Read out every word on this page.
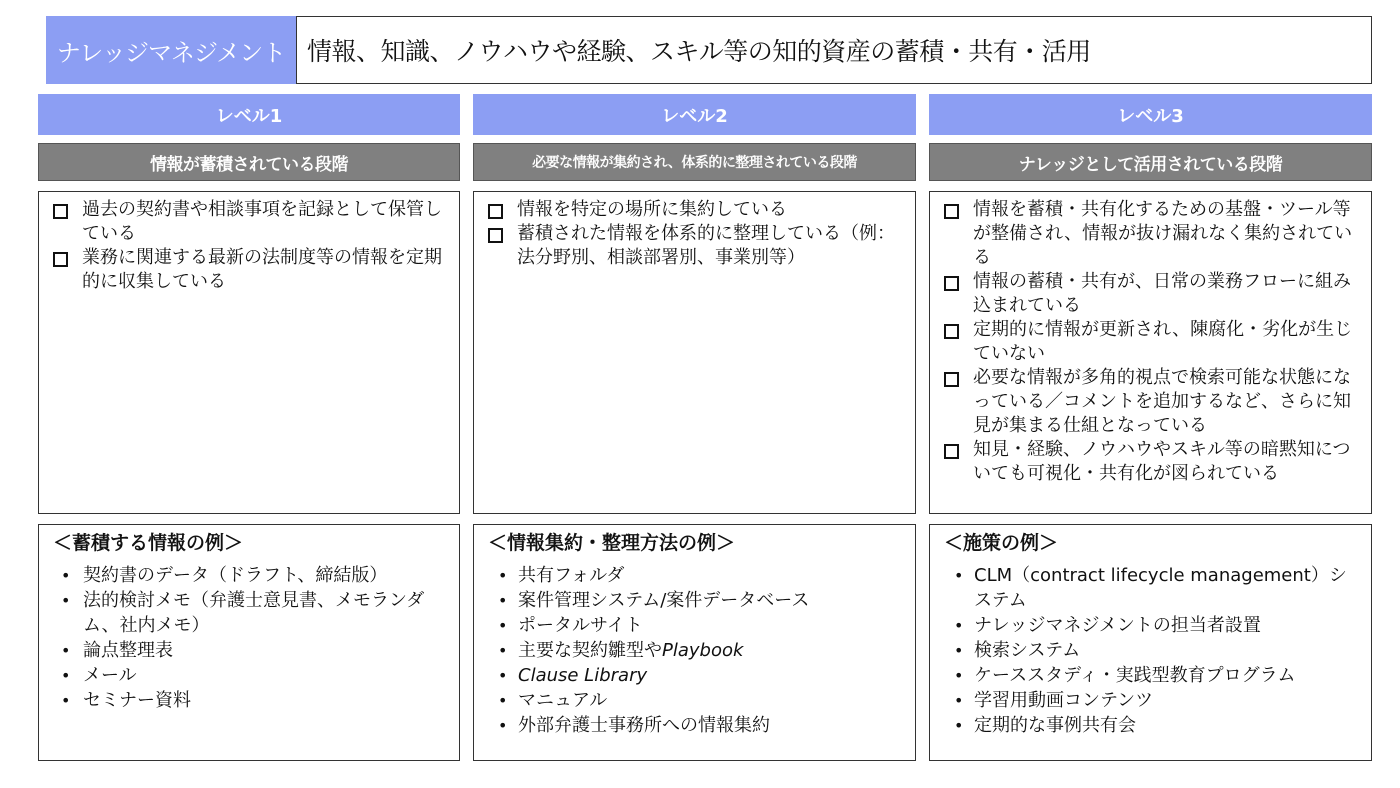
ナレッジマネジメント 情報、知識、ノウハウや経験、スキル等の知的資産の蓄積・共有・活用
レベル1
情報が蓄積されている段階
過去の契約書や相談事項を記録として保管している
業務に関連する最新の法制度等の情報を定期的に収集している
＜蓄積する情報の例＞
• 契約書のデータ（ドラフト、締結版）
• 法的検討メモ（弁護士意見書、メモランダム、社内メモ）
• 論点整理表
• メール
• セミナー資料
レベル2
必要な情報が集約され、体系的に整理されている段階
情報を特定の場所に集約している
蓄積された情報を体系的に整理している（例：法分野別、相談部署別、事業別等）
＜情報集約・整理方法の例＞
• 共有フォルダ
• 案件管理システム/案件データベース
• ポータルサイト
• 主要な契約雛型やPlaybook
• Clause Library
• マニュアル
• 外部弁護士事務所への情報集約
レベル3
ナレッジとして活用されている段階
情報を蓄積・共有化するための基盤・ツール等が整備され、情報が抜け漏れなく集約されている
情報の蓄積・共有が、日常の業務フローに組み込まれている
定期的に情報が更新され、陳腐化・劣化が生じていない
必要な情報が多角的視点で検索可能な状態になっている／コメントを追加するなど、さらに知見が集まる仕組となっている
知見・経験、ノウハウやスキル等の暗黙知についても可視化・共有化が図られている
＜施策の例＞
• CLM（contract lifecycle management）システム
• ナレッジマネジメントの担当者設置
• 検索システム
• ケーススタディ・実践型教育プログラム
• 学習用動画コンテンツ
• 定期的な事例共有会
